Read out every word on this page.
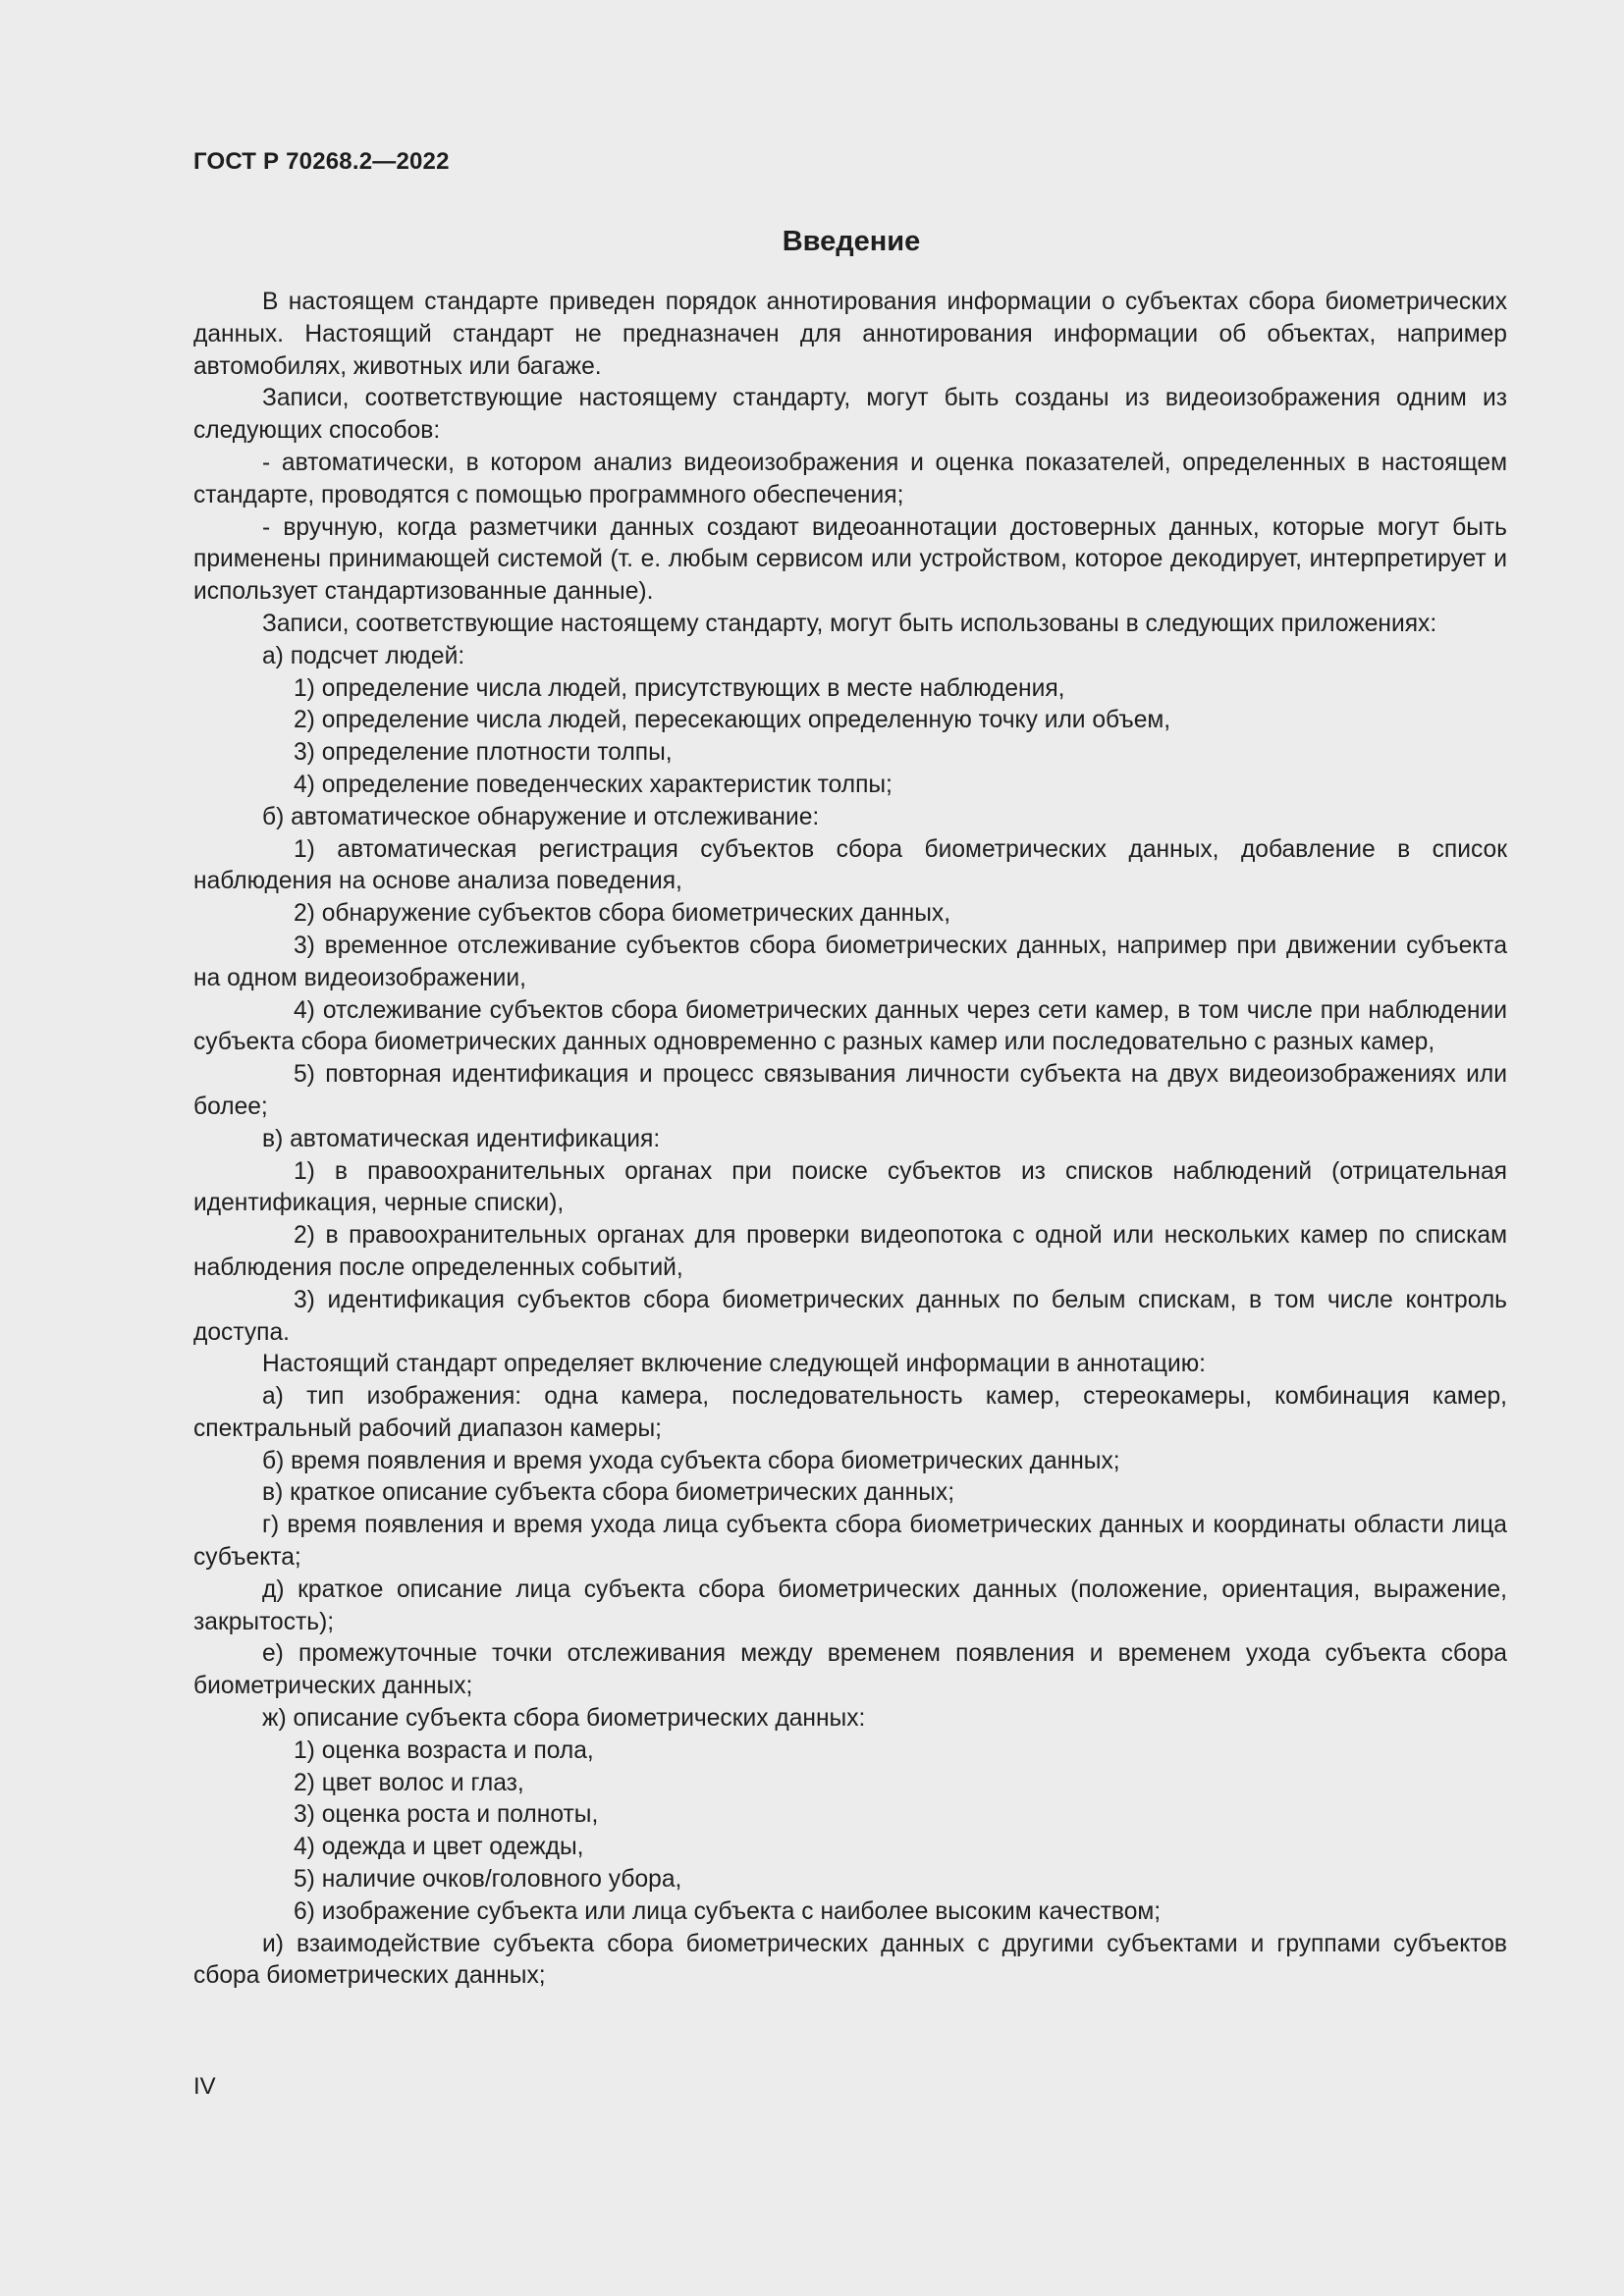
ГОСТ Р 70268.2—2022
Введение

В настоящем стандарте приведен порядок аннотирования информации о субъектах сбора биометрических данных. Настоящий стандарт не предназначен для аннотирования информации об объектах, например автомобилях, животных или багаже.

Записи, соответствующие настоящему стандарту, могут быть созданы из видеоизображения одним из следующих способов:

- автоматически, в котором анализ видеоизображения и оценка показателей, определенных в настоящем стандарте, проводятся с помощью программного обеспечения;

- вручную, когда разметчики данных создают видеоаннотации достоверных данных, которые могут быть применены принимающей системой (т. е. любым сервисом или устройством, которое декодирует, интерпретирует и использует стандартизованные данные).

Записи, соответствующие настоящему стандарту, могут быть использованы в следующих приложениях:

а) подсчет людей:

1) определение числа людей, присутствующих в месте наблюдения,

2) определение числа людей, пересекающих определенную точку или объем,

3) определение плотности толпы,

4) определение поведенческих характеристик толпы;

б) автоматическое обнаружение и отслеживание:

1) автоматическая регистрация субъектов сбора биометрических данных, добавление в список наблюдения на основе анализа поведения,

2) обнаружение субъектов сбора биометрических данных,

3) временное отслеживание субъектов сбора биометрических данных, например при движении субъекта на одном видеоизображении,

4) отслеживание субъектов сбора биометрических данных через сети камер, в том числе при наблюдении субъекта сбора биометрических данных одновременно с разных камер или последовательно с разных камер,

5) повторная идентификация и процесс связывания личности субъекта на двух видеоизображениях или более;

в) автоматическая идентификация:

1) в правоохранительных органах при поиске субъектов из списков наблюдений (отрицательная идентификация, черные списки),

2) в правоохранительных органах для проверки видеопотока с одной или нескольких камер по спискам наблюдения после определенных событий,

3) идентификация субъектов сбора биометрических данных по белым спискам, в том числе контроль доступа.

Настоящий стандарт определяет включение следующей информации в аннотацию:

а) тип изображения: одна камера, последовательность камер, стереокамеры, комбинация камер, спектральный рабочий диапазон камеры;

б) время появления и время ухода субъекта сбора биометрических данных;

в) краткое описание субъекта сбора биометрических данных;

г) время появления и время ухода лица субъекта сбора биометрических данных и координаты области лица субъекта;

д) краткое описание лица субъекта сбора биометрических данных (положение, ориентация, выражение, закрытость);

е) промежуточные точки отслеживания между временем появления и временем ухода субъекта сбора биометрических данных;

ж) описание субъекта сбора биометрических данных:

1) оценка возраста и пола,

2) цвет волос и глаз,

3) оценка роста и полноты,

4) одежда и цвет одежды,

5) наличие очков/головного убора,

6) изображение субъекта или лица субъекта с наиболее высоким качеством;

и) взаимодействие субъекта сбора биометрических данных с другими субъектами и группами субъектов сбора биометрических данных;

IV
